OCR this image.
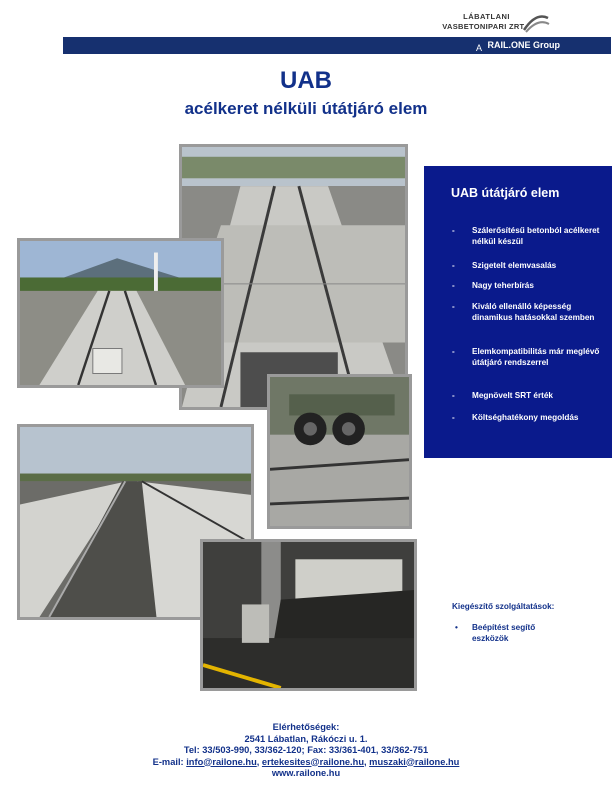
LÁBATLANI
VASBETONIPARI ZRT.
A Member of
RAIL.ONE Group
UAB
acélkeret nélküli útátjáró elem
UAB útátjáró elem
- Szálerősítésű betonból acélkeret nélkül készül
- Szigetelt elemvasalás
- Nagy teherbírás
- Kiváló ellenálló képesség dinamikus hatásokkal szemben
- Elemkompatibilitás már meglévő útátjáró rendszerrel
- Megnövelt SRT érték
- Költséghatékony megoldás
Kiegészítő szolgáltatások:
• Beépítést segítő eszközök
Elérhetőségek:
2541 Lábatlan, Rákóczi u. 1.
Tel: 33/503-990, 33/362-120; Fax: 33/361-401, 33/362-751
E-mail: info@railone.hu, ertekesites@railone.hu, muszaki@railone.hu
www.railone.hu
